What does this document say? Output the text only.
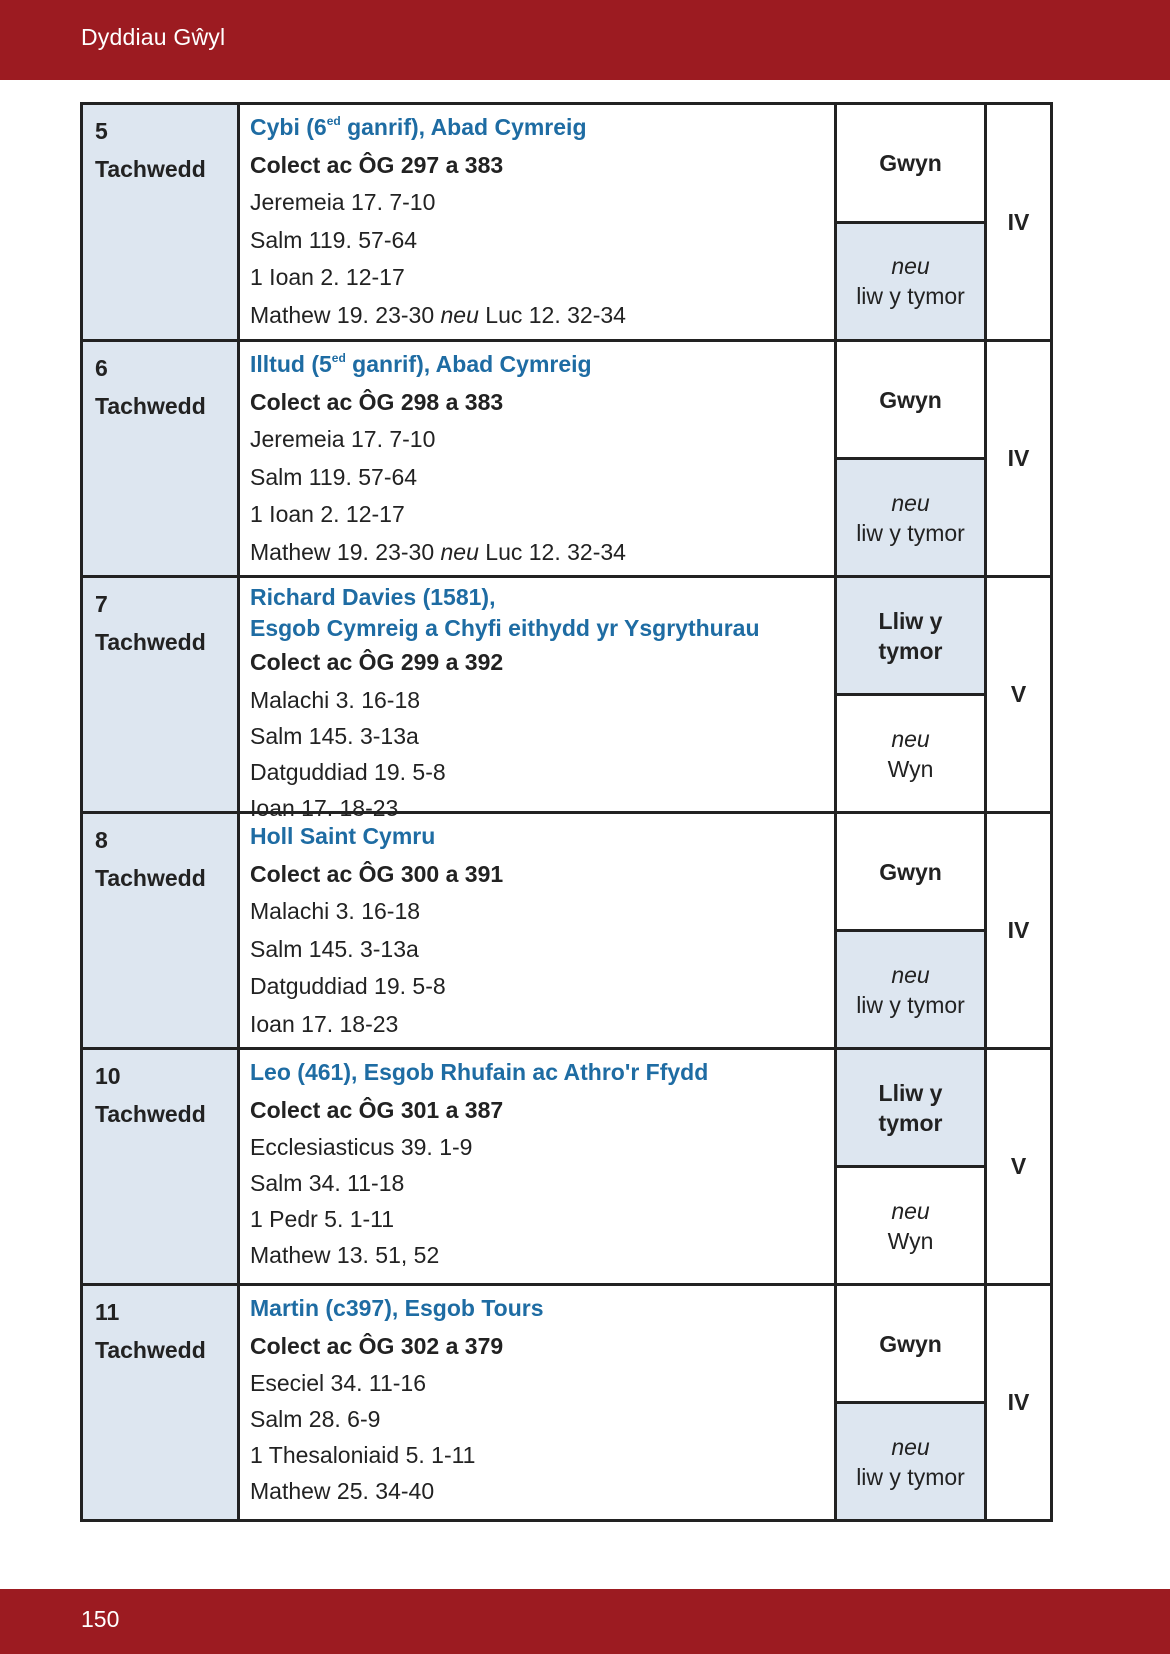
Dyddiau Gŵyl
5
Tachwedd
Cybi ($6^{ed}$ ganrif), Abad Cymreig
Colect ac ÔG 297 a 383
Jeremeia 17. 7-10
Salm 119. 57-64
1 Ioan 2. 12-17
Mathew 19. 23-30 neu Luc 12. 32-34
Gwyn
neu
liw y tymor
IV
6
Tachwedd
Illtud ($5^{ed}$ ganrif), Abad Cymreig
Colect ac ÔG 298 a 383
Jeremeia 17. 7-10
Salm 119. 57-64
1 Ioan 2. 12-17
Mathew 19. 23-30 neu Luc 12. 32-34
Gwyn
neu
liw y tymor
IV
7
Tachwedd
Richard Davies (1581),
Esgob Cymreig a Chyfi eithydd yr Ysgrythurau
Colect ac ÔG 299 a 392
Malachi 3. 16-18
Salm 145. 3-13a
Datguddiad 19. 5-8
Ioan 17. 18-23
Lliw y
tymor
neu
Wyn
V
8
Tachwedd
Holl Saint Cymru
Colect ac ÔG 300 a 391
Malachi 3. 16-18
Salm 145. 3-13a
Datguddiad 19. 5-8
Ioan 17. 18-23
Gwyn
neu
liw y tymor
IV
10
Tachwedd
Leo (461), Esgob Rhufain ac Athro'r Ffydd
Colect ac ÔG 301 a 387
Ecclesiasticus 39. 1-9
Salm 34. 11-18
1 Pedr 5. 1-11
Mathew 13. 51, 52
Lliw y
tymor
neu
Wyn
V
11
Tachwedd
Martin (c397), Esgob Tours
Colect ac ÔG 302 a 379
Eseciel 34. 11-16
Salm 28. 6-9
1 Thesaloniaid 5. 1-11
Mathew 25. 34-40
Gwyn
neu
liw y tymor
IV
150
